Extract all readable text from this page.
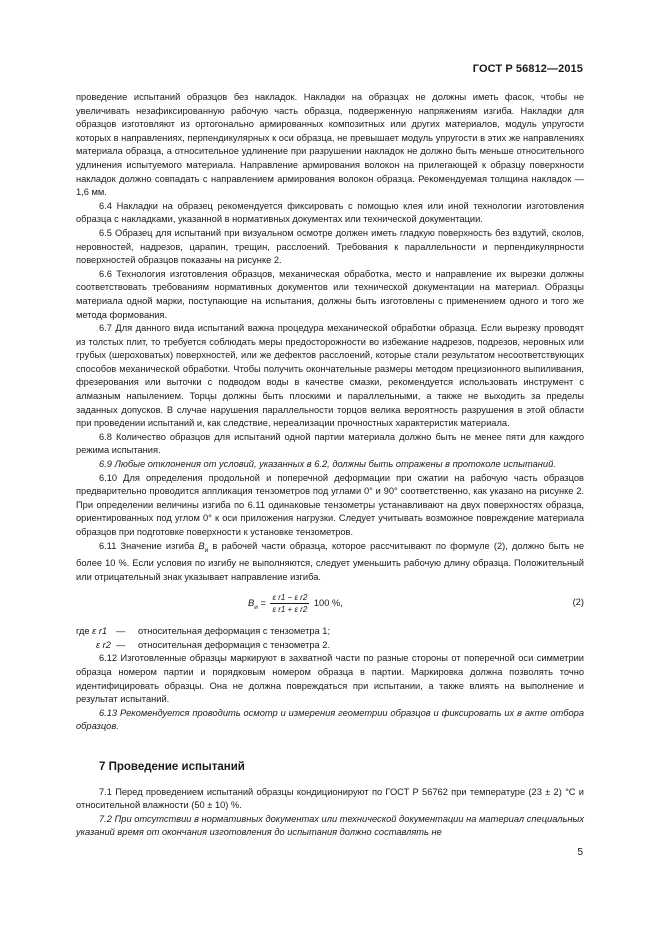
ГОСТ Р 56812—2015

проведение испытаний образцов без накладок. Накладки на образцах не должны иметь фасок, чтобы не увеличивать незафиксированную рабочую часть образца, подверженную напряжениям изгиба. Накладки для образцов изготовляют из ортогонально армированных композитных или других материалов, модуль упругости которых в направлениях, перпендикулярных к оси образца, не превышает модуль упругости в этих же направлениях материала образца, а относительное удлинение при разрушении накладок не должно быть меньше относительного удлинения испытуемого материала. Направление армирования волокон на прилегающей к образцу поверхности накладок должно совпадать с направлением армирования волокон образца. Рекомендуемая толщина накладок — 1,6 мм.

6.4 Накладки на образец рекомендуется фиксировать с помощью клея или иной технологии изготовления образца с накладками, указанной в нормативных документах или технической документации.

6.5 Образец для испытаний при визуальном осмотре должен иметь гладкую поверхность без вздутий, сколов, неровностей, надрезов, царапин, трещин, расслоений. Требования к параллельности и перпендикулярности поверхностей образцов показаны на рисунке 2.

6.6 Технология изготовления образцов, механическая обработка, место и направление их вырезки должны соответствовать требованиям нормативных документов или технической документации на материал. Образцы материала одной марки, поступающие на испытания, должны быть изготовлены с применением одного и того же метода формования.

6.7 Для данного вида испытаний важна процедура механической обработки образца. Если вырезку проводят из толстых плит, то требуется соблюдать меры предосторожности во избежание надрезов, подрезов, неровных или грубых (шероховатых) поверхностей, или же дефектов расслоений, которые стали результатом несоответствующих способов механической обработки. Чтобы получить окончательные размеры методом прецизионного выпиливания, фрезерования или выточки с подводом воды в качестве смазки, рекомендуется использовать инструмент с алмазным напылением. Торцы должны быть плоскими и параллельными, а также не выходить за пределы заданных допусков. В случае нарушения параллельности торцов велика вероятность разрушения в этой области при проведении испытаний и, как следствие, нереализации прочностных характеристик материала.

6.8 Количество образцов для испытаний одной партии материала должно быть не менее пяти для каждого режима испытания.

6.9 Любые отклонения от условий, указанных в 6.2, должны быть отражены в протоколе испытаний.

6.10 Для определения продольной и поперечной деформации при сжатии на рабочую часть образцов предварительно проводится аппликация тензометров под углами 0° и 90° соответственно, как указано на рисунке 2. При определении величины изгиба по 6.11 одинаковые тензометры устанавливают на двух поверхностях образца, ориентированных под углом 0° к оси приложения нагрузки. Следует учитывать возможное повреждение материала образцов при подготовке поверхности к установке тензометров.

6.11 Значение изгиба $B_и$ в рабочей части образца, которое рассчитывают по формуле (2), должно быть не более 10 %. Если условия по изгибу не выполняются, следует уменьшить рабочую длину образца. Положительный или отрицательный знак указывает направление изгиба.

$B_и = \frac{\text{ε r1 − ε r2}}{\text{ε r1 + ε r2}} 100$ %,	(2)
где ε r1 —	относительная деформация с тензометра 1;
ε r2 —	относительная деформация с тензометра 2.

6.12 Изготовленные образцы маркируют в захватной части по разные стороны от поперечной оси симметрии образца номером партии и порядковым номером образца в партии. Маркировка должна позволять точно идентифицировать образцы. Она не должна повреждаться при испытании, а также влиять на выполнение и результат испытаний.

6.13 Рекомендуется проводить осмотр и измерения геометрии образцов и фиксировать их в акте отбора образцов.

7 Проведение испытаний

7.1 Перед проведением испытаний образцы кондиционируют по ГОСТ Р 56762 при температуре (23 ± 2) °С и относительной влажности (50 ± 10) %.

7.2 При отсутствии в нормативных документах или технической документации на материал специальных указаний время от окончания изготовления до испытания должно составлять не

5
